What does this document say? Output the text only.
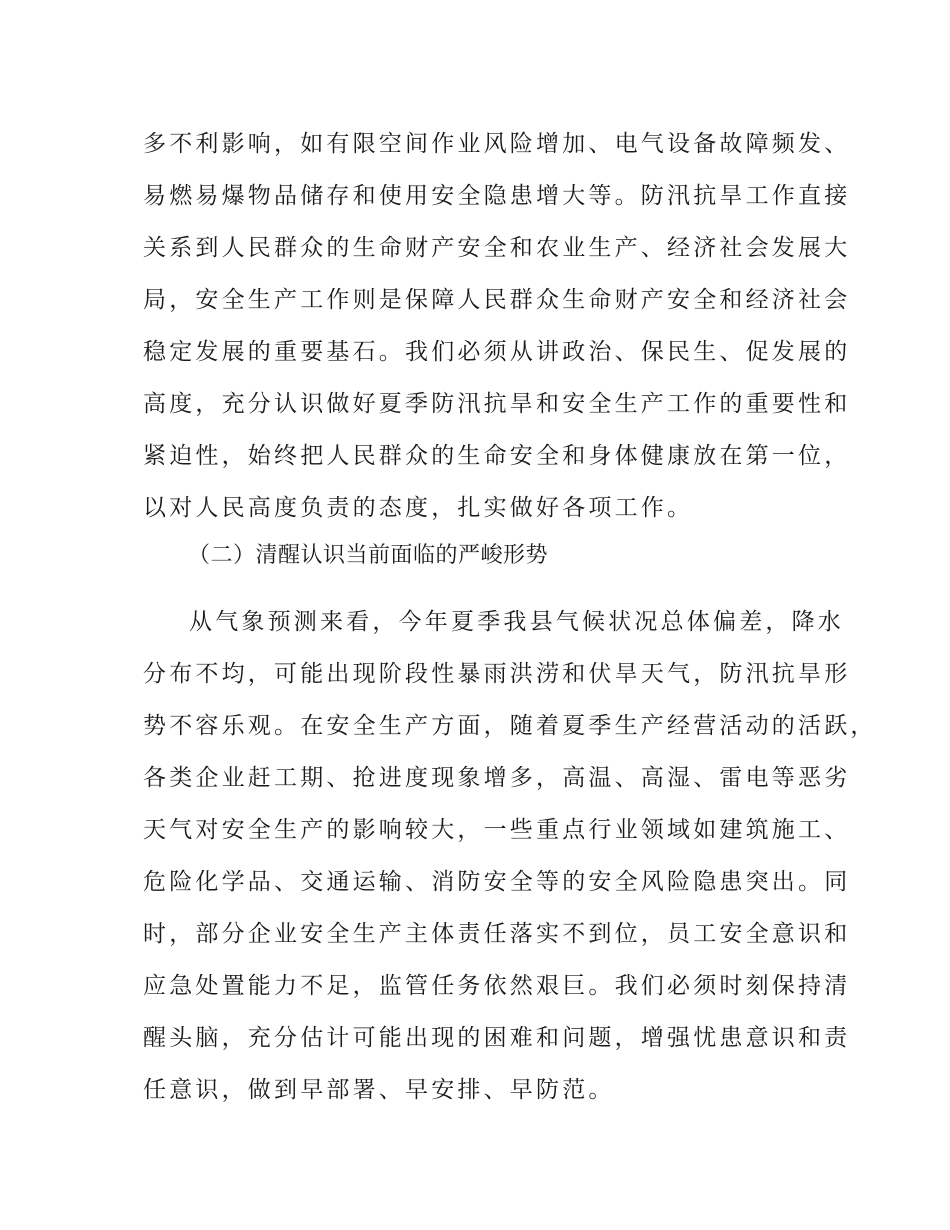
多不利影响，如有限空间作业风险增加、电气设备故障频发、
易燃易爆物品储存和使用安全隐患增大等。防汛抗旱工作直接
关系到人民群众的生命财产安全和农业生产、经济社会发展大
局，安全生产工作则是保障人民群众生命财产安全和经济社会
稳定发展的重要基石。我们必须从讲政治、保民生、促发展的
高度，充分认识做好夏季防汛抗旱和安全生产工作的重要性和
紧迫性，始终把人民群众的生命安全和身体健康放在第一位，
以对人民高度负责的态度，扎实做好各项工作。
（二）清醒认识当前面临的严峻形势
从气象预测来看，今年夏季我县气候状况总体偏差，降水
分布不均，可能出现阶段性暴雨洪涝和伏旱天气，防汛抗旱形
势不容乐观。在安全生产方面，随着夏季生产经营活动的活跃，
各类企业赶工期、抢进度现象增多，高温、高湿、雷电等恶劣
天气对安全生产的影响较大，一些重点行业领域如建筑施工、
危险化学品、交通运输、消防安全等的安全风险隐患突出。同
时，部分企业安全生产主体责任落实不到位，员工安全意识和
应急处置能力不足，监管任务依然艰巨。我们必须时刻保持清
醒头脑，充分估计可能出现的困难和问题，增强忧患意识和责
任意识，做到早部署、早安排、早防范。
